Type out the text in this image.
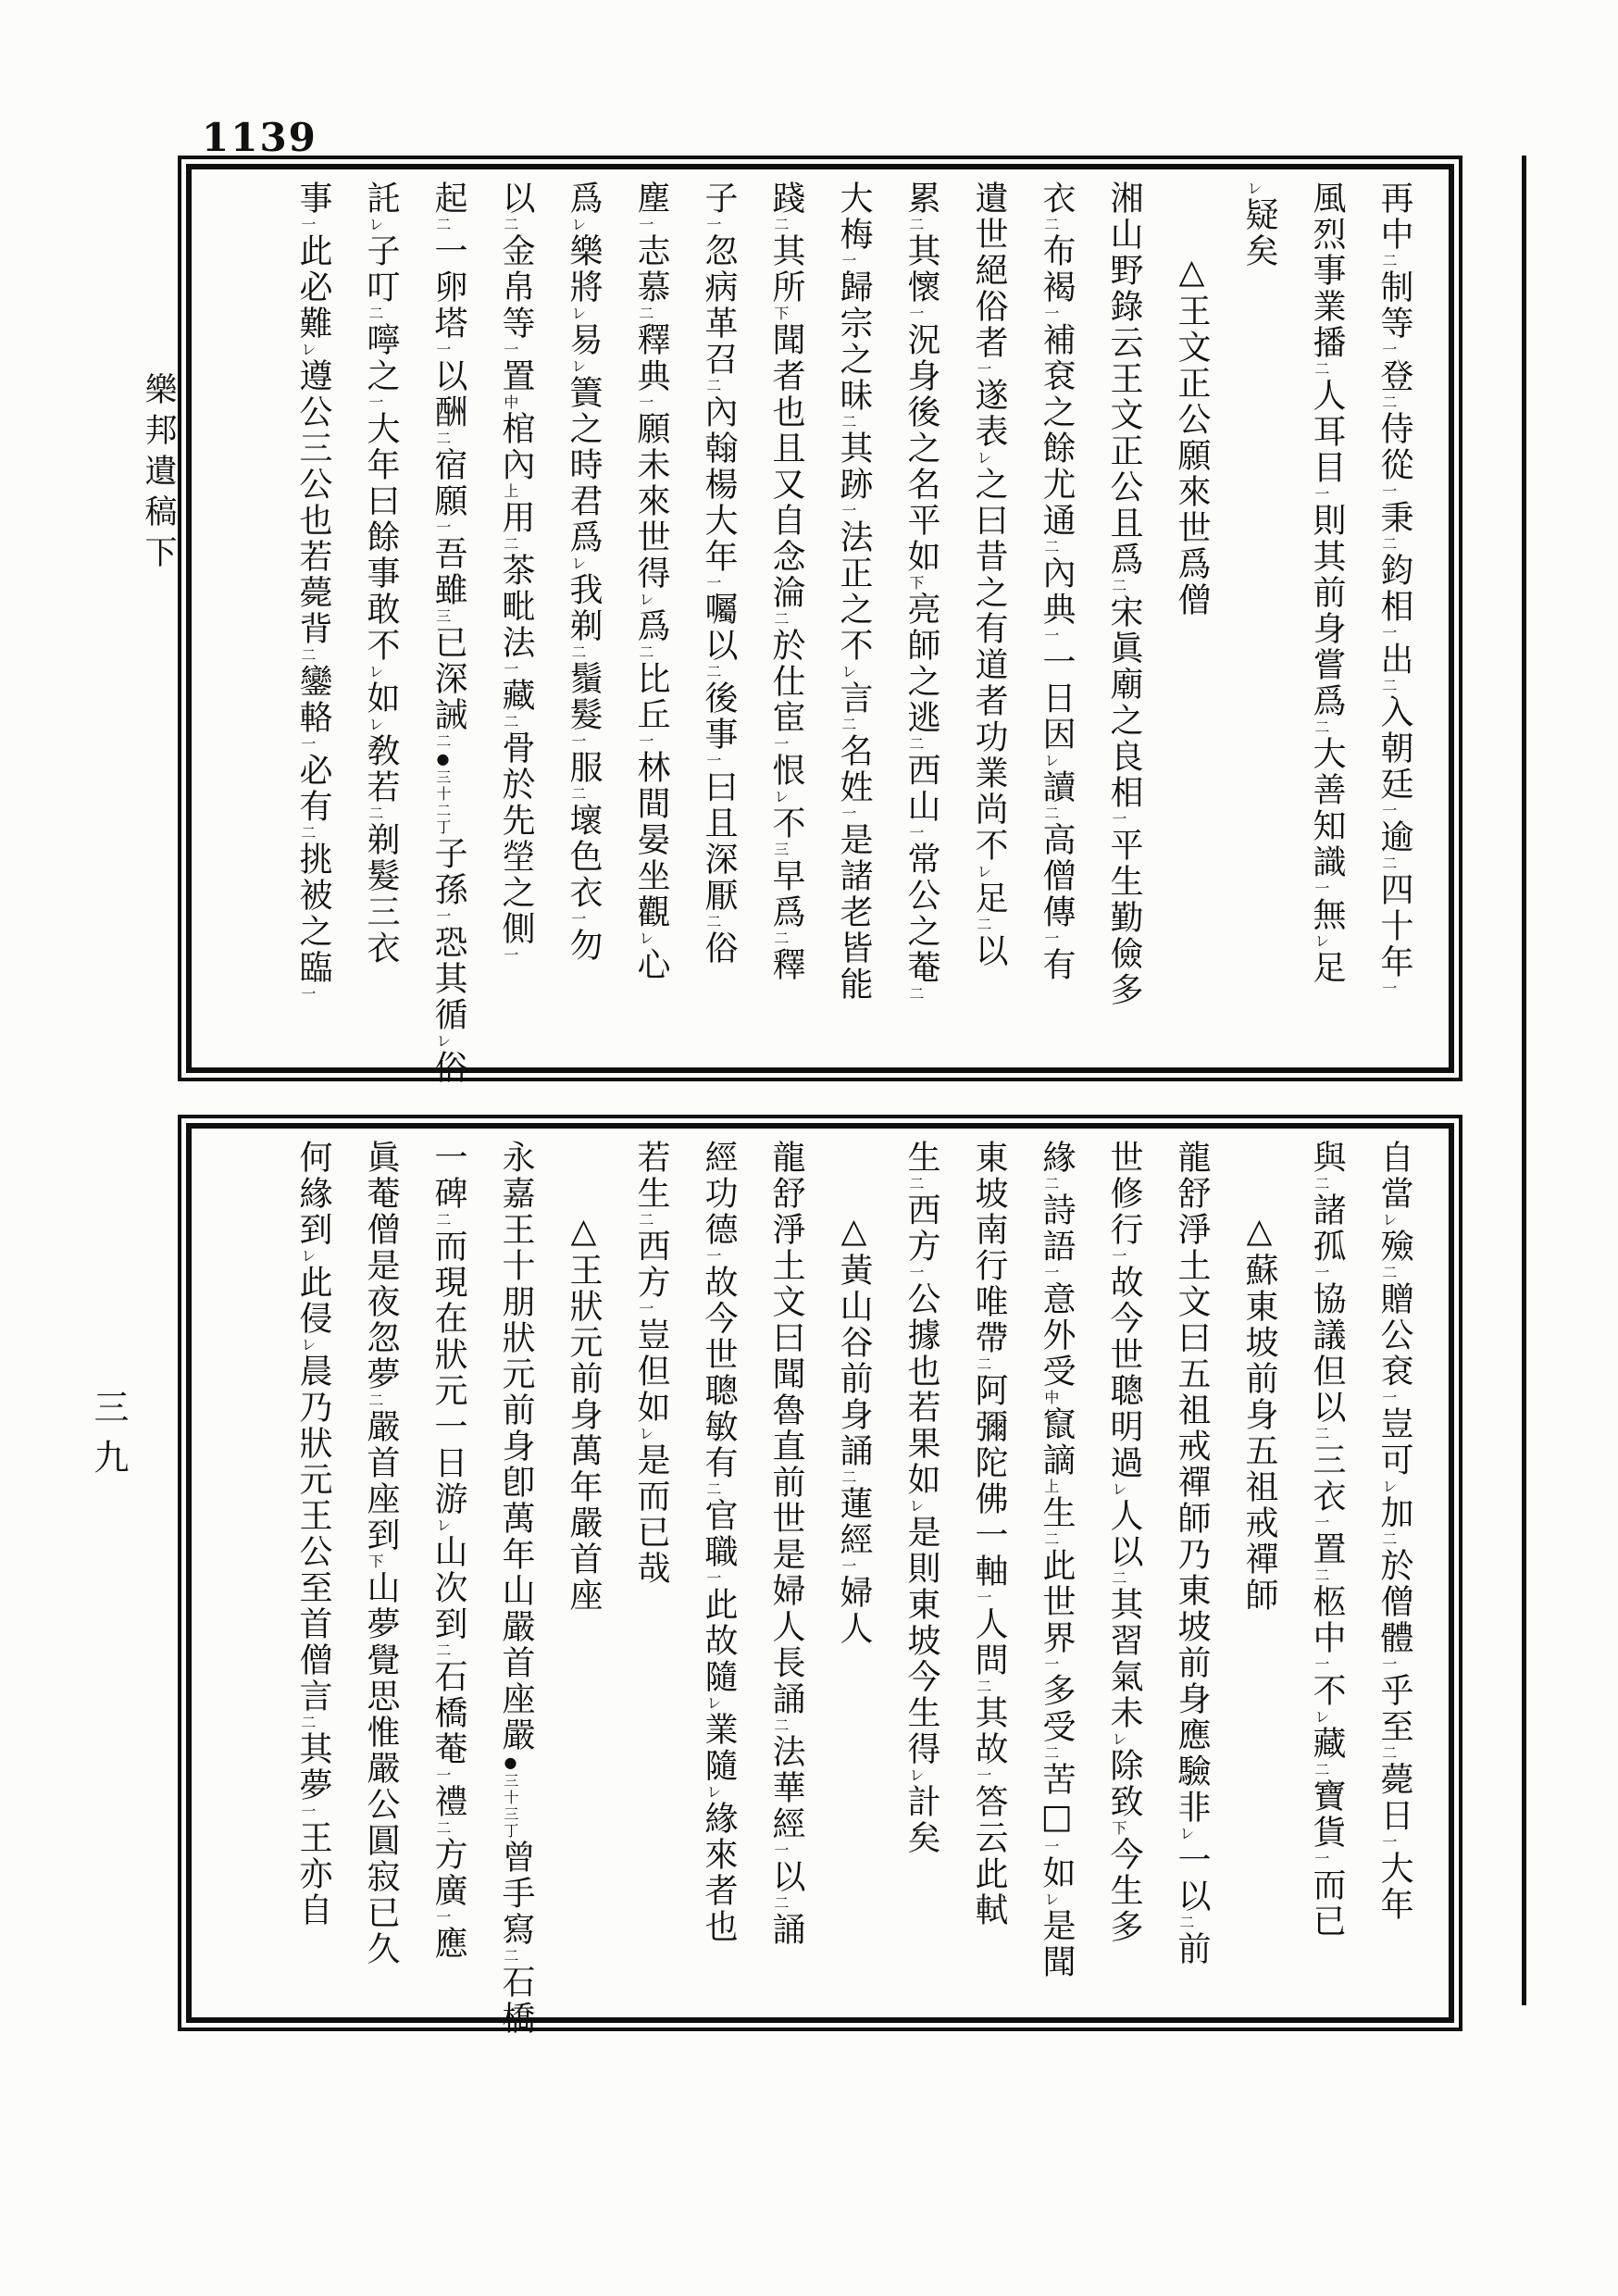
1139
樂邦遺稿下
三九
再中二制等一登二侍從一秉二鈞相一出二入朝廷一逾二四十年一
風烈事業播二人耳目一則其前身嘗爲二大善知識一無レ足
レ疑矣
　　△王文正公願來世爲僧
湘山野錄云王文正公且爲二宋眞廟之良相一平生勤儉多
衣二布褐一補袞之餘尤通二內典一一日因レ讀二高僧傳一有
遺世絕俗者一遂表レ之曰昔之有道者功業尚不レ足二以
累二其懷一況身後之名平如下亮師之逃二西山一常公之菴二
大梅一歸宗之昧二其跡一法正之不レ言二名姓一是諸老皆能
踐二其所下聞者也且又自念淪二於仕宦一恨レ不三早爲二釋
子一忽病革召二內翰楊大年一囑以二後事一曰且深厭二俗
塵一志慕二釋典一願未來世得レ爲二比丘一林間晏坐觀レ心
爲レ樂將レ易レ簀之時君爲レ我剃二鬚髮一服二壞色衣一勿
以二金帛等一置中棺內上用二茶毗法一藏二骨於先塋之側一
起二一卵塔一以酬二宿願一吾雖三已深誡二●三十二丁子孫一恐其循レ俗
託レ子叮二嚀之一大年曰餘事敢不レ如レ敎若二剃髮三衣
事一此必難レ遵公三公也若薨背二鑾輅一必有二挑被之臨一
自當レ殮二贈公袞一豈可レ加二於僧體一乎至二薨日一大年
與二諸孤一協議但以二三衣一置二柩中一不レ藏二寶貨一而已
　　△蘇東坡前身五祖戒禪師
龍舒淨土文曰五祖戒禪師乃東坡前身應驗非レ一以二前
世修行一故今世聰明過レ人以二其習氣未レ除致下今生多
緣二詩語一意外受中竄謫上生二此世界一多受二苦□一如レ是聞
東坡南行唯帶二阿彌陀佛一軸一人問二其故一答云此軾
生二西方一公據也若果如レ是則東坡今生得レ計矣
　　△黃山谷前身誦二蓮經一婦人
龍舒淨土文曰聞魯直前世是婦人長誦二法華經一以二誦
經功德一故今世聰敏有二官職一此故隨レ業隨レ緣來者也
若生二西方一豈但如レ是而已哉
　　△王狀元前身萬年嚴首座
永嘉王十朋狀元前身卽萬年山嚴首座嚴●三十三丁曾手寫二石橋
一碑二而現在狀元一日游レ山次到二石橋菴一禮二方廣一應
眞菴僧是夜忽夢二嚴首座到下山夢覺思惟嚴公圓寂已久
何緣到レ此侵レ晨乃狀元王公至首僧言二其夢一王亦自
